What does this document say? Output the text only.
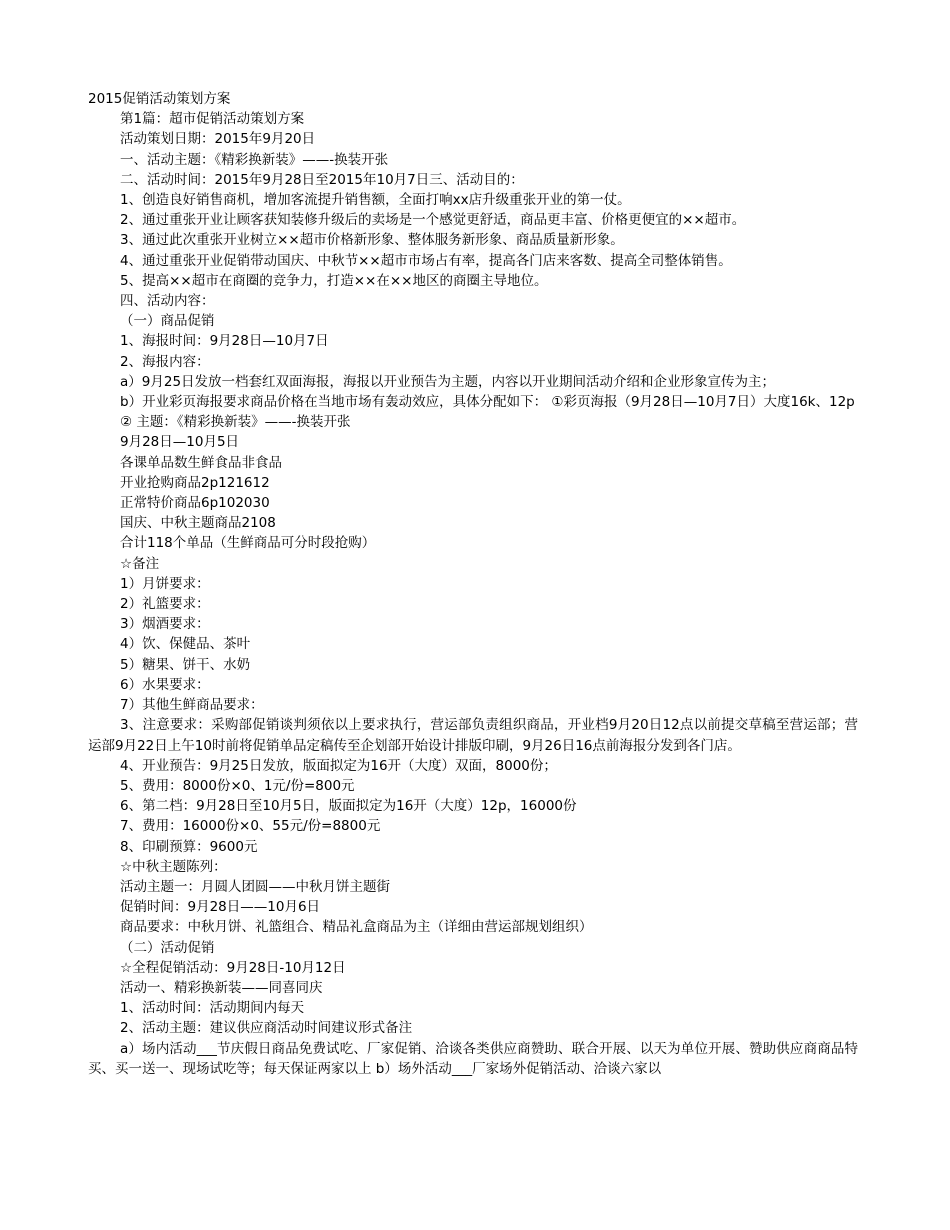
2015促销活动策划方案
第1篇：超市促销活动策划方案
活动策划日期：2015年9月20日
一、活动主题：《精彩换新装》——-换装开张
二、活动时间：2015年9月28日至2015年10月7日三、活动目的：
1、创造良好销售商机，增加客流提升销售额，全面打响xx店升级重张开业的第一仗。
2、通过重张开业让顾客获知装修升级后的卖场是一个感觉更舒适，商品更丰富、价格更便宜的××超市。
3、通过此次重张开业树立××超市价格新形象、整体服务新形象、商品质量新形象。
4、通过重张开业促销带动国庆、中秋节××超市市场占有率，提高各门店来客数、提高全司整体销售。
5、提高××超市在商圈的竞争力，打造××在××地区的商圈主导地位。
四、活动内容：
（一）商品促销
1、海报时间：9月28日—10月7日
2、海报内容：
a）9月25日发放一档套红双面海报，海报以开业预告为主题，内容以开业期间活动介绍和企业形象宣传为主；
b）开业彩页海报要求商品价格在当地市场有轰动效应，具体分配如下： ①彩页海报（9月28日—10月7日）大度16k、12p
② 主题：《精彩换新装》——-换装开张
9月28日—10月5日
各课单品数生鲜食品非食品
开业抢购商品2p121612
正常特价商品6p102030
国庆、中秋主题商品2108
合计118个单品（生鲜商品可分时段抢购）
☆备注
1）月饼要求：
2）礼篮要求：
3）烟酒要求：
4）饮、保健品、茶叶
5）糖果、饼干、水奶
6）水果要求：
7）其他生鲜商品要求：
3、注意要求：采购部促销谈判须依以上要求执行，营运部负责组织商品，开业档9月20日12点以前提交草稿至营运部；营运部9月22日上午10时前将促销单品定稿传至企划部开始设计排版印刷，9月26日16点前海报分发到各门店。
4、开业预告：9月25日发放，版面拟定为16开（大度）双面，8000份；
5、费用：8000份×0、1元/份=800元
6、第二档：9月28日至10月5日，版面拟定为16开（大度）12p，16000份
7、费用：16000份×0、55元/份=8800元
8、印刷预算：9600元
☆中秋主题陈列：
活动主题一：月圆人团圆——中秋月饼主题街
促销时间：9月28日——10月6日
商品要求：中秋月饼、礼篮组合、精品礼盒商品为主（详细由营运部规划组织）
（二）活动促销
☆全程促销活动：9月28日-10月12日
活动一、精彩换新装——同喜同庆
1、活动时间：活动期间内每天
2、活动主题：建议供应商活动时间建议形式备注
a）场内活动___节庆假日商品免费试吃、厂家促销、洽谈各类供应商赞助、联合开展、以天为单位开展、赞助供应商商品特买、买一送一、现场试吃等；每天保证两家以上 b）场外活动___厂家场外促销活动、洽谈六家以
